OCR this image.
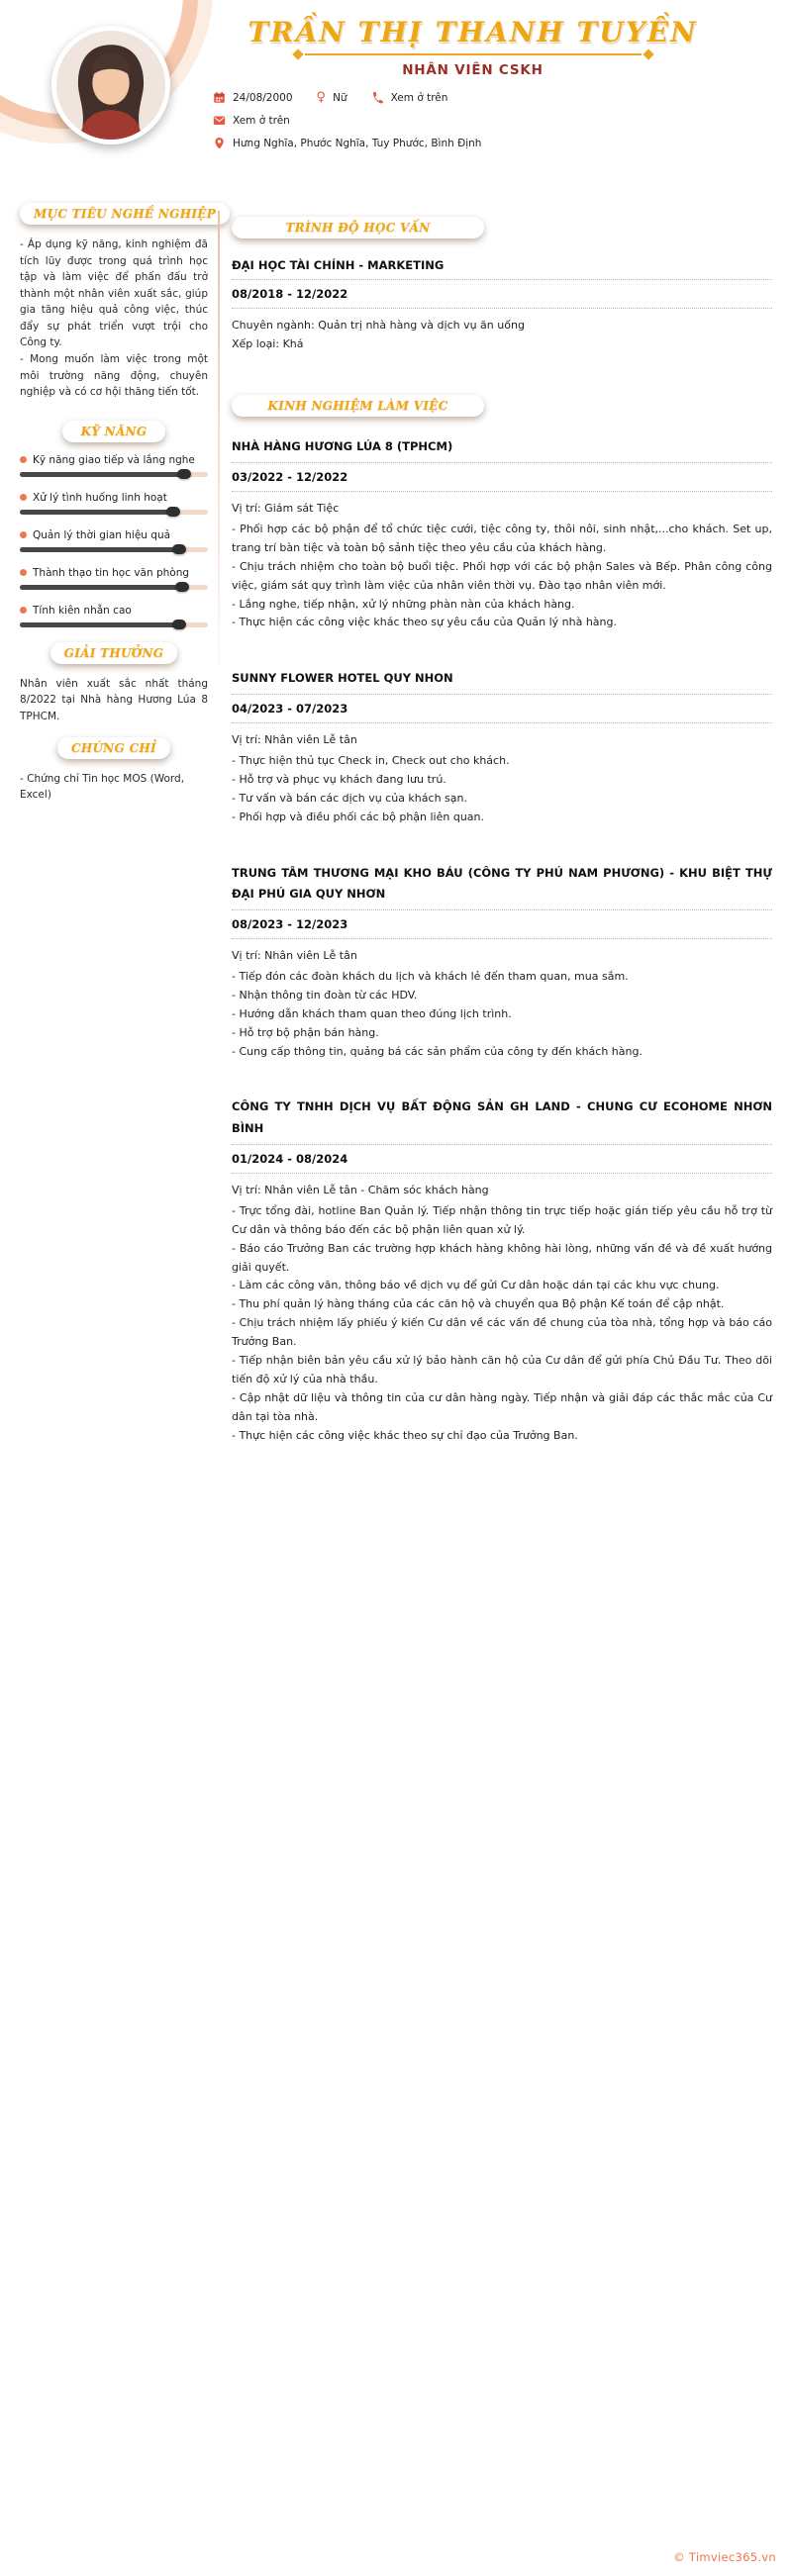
TRẦN THỊ THANH TUYỀN
NHÂN VIÊN CSKH
24/08/2000 ♀ Nữ	Xem ở trên
Xem ở trên
Hưng Nghĩa, Phước Nghĩa, Tuy Phước, Bình Định
MỤC TIÊU NGHỀ NGHIỆP

- Áp dụng kỹ năng, kinh nghiệm đã tích lũy được trong quá trình học tập và làm việc để phấn đấu trở thành một nhân viên xuất sắc, giúp gia tăng hiệu quả công việc, thúc đẩy sự phát triển vượt trội cho Công ty.

- Mong muốn làm việc trong một môi trường năng động, chuyên nghiệp và có cơ hội thăng tiến tốt.

KỸ NĂNG
Kỹ năng giao tiếp và lắng nghe
Xử lý tình huống linh hoạt
Quản lý thời gian hiệu quả
Thành thạo tin học văn phòng
Tính kiên nhẫn cao
GIẢI THƯỞNG

Nhân viên xuất sắc nhất tháng 8/2022 tại Nhà hàng Hương Lúa 8 TPHCM.

CHỨNG CHỈ

- Chứng chỉ Tin học MOS (Word, Excel)

TRÌNH ĐỘ HỌC VẤN
ĐẠI HỌC TÀI CHÍNH - MARKETING
08/2018 - 12/2022

Chuyên ngành: Quản trị nhà hàng và dịch vụ ăn uống

Xếp loại: Khá

KINH NGHIỆM LÀM VIỆC
NHÀ HÀNG HƯƠNG LÚA 8 (TPHCM)
03/2022 - 12/2022

Vị trí: Giám sát Tiệc

- Phối hợp các bộ phận để tổ chức tiệc cưới, tiệc công ty, thôi nôi, sinh nhật,...cho khách. Set up, trang trí bàn tiệc và toàn bộ sảnh tiệc theo yêu cầu của khách hàng.

- Chịu trách nhiệm cho toàn bộ buổi tiệc. Phối hợp với các bộ phận Sales và Bếp. Phân công công việc, giám sát quy trình làm việc của nhân viên thời vụ. Đào tạo nhân viên mới.

- Lắng nghe, tiếp nhận, xử lý những phàn nàn của khách hàng.

- Thực hiện các công việc khác theo sự yêu cầu của Quản lý nhà hàng.

SUNNY FLOWER HOTEL QUY NHON
04/2023 - 07/2023

Vị trí: Nhân viên Lễ tân

- Thực hiện thủ tục Check in, Check out cho khách.

- Hỗ trợ và phục vụ khách đang lưu trú.

- Tư vấn và bán các dịch vụ của khách sạn.

- Phối hợp và điều phối các bộ phận liên quan.

TRUNG TÂM THƯƠNG MẠI KHO BÁU (CÔNG TY PHÚ NAM PHƯƠNG) - KHU BIỆT THỰ ĐẠI PHÚ GIA QUY NHƠN
08/2023 - 12/2023

Vị trí: Nhân viên Lễ tân

- Tiếp đón các đoàn khách du lịch và khách lẻ đến tham quan, mua sắm.

- Nhận thông tin đoàn từ các HDV.

- Hướng dẫn khách tham quan theo đúng lịch trình.

- Hỗ trợ bộ phận bán hàng.

- Cung cấp thông tin, quảng bá các sản phẩm của công ty đến khách hàng.

CÔNG TY TNHH DỊCH VỤ BẤT ĐỘNG SẢN GH LAND - CHUNG CƯ ECOHOME NHƠN BÌNH
01/2024 - 08/2024

Vị trí: Nhân viên Lễ tân - Chăm sóc khách hàng

- Trực tổng đài, hotline Ban Quản lý. Tiếp nhận thông tin trực tiếp hoặc gián tiếp yêu cầu hỗ trợ từ Cư dân và thông báo đến các bộ phận liên quan xử lý.

- Báo cáo Trưởng Ban các trường hợp khách hàng không hài lòng, những vấn đề và đề xuất hướng giải quyết.

- Làm các công văn, thông báo về dịch vụ để gửi Cư dân hoặc dán tại các khu vực chung.

- Thu phí quản lý hàng tháng của các căn hộ và chuyển qua Bộ phận Kế toán để cập nhật.

- Chịu trách nhiệm lấy phiếu ý kiến Cư dân về các vấn đề chung của tòa nhà, tổng hợp và báo cáo Trưởng Ban.

- Tiếp nhận biên bản yêu cầu xử lý bảo hành căn hộ của Cư dân để gửi phía Chủ Đầu Tư. Theo dõi tiến độ xử lý của nhà thầu.

- Cập nhật dữ liệu và thông tin của cư dân hàng ngày. Tiếp nhận và giải đáp các thắc mắc của Cư dân tại tòa nhà.

- Thực hiện các công việc khác theo sự chỉ đạo của Trưởng Ban.

© Timviec365.vn
